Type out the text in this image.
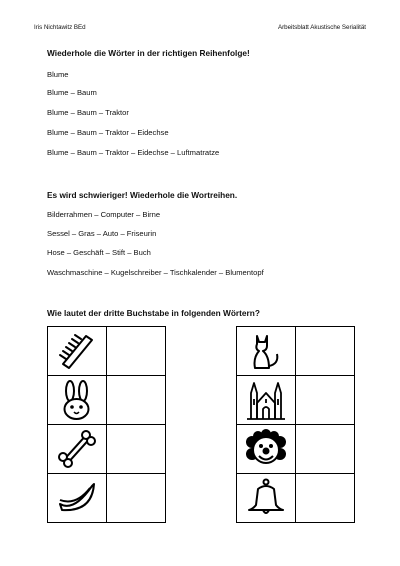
Iris Nichtawitz BEd	Arbeitsblatt Akustische Serialität
Wiederhole die Wörter in der richtigen Reihenfolge!
Blume
Blume – Baum
Blume – Baum – Traktor
Blume – Baum – Traktor – Eidechse
Blume – Baum – Traktor – Eidechse – Luftmatratze
Es wird schwieriger! Wiederhole die Wortreihen.
Bilderrahmen – Computer – Birne
Sessel – Gras – Auto – Friseurin
Hose – Geschäft – Stift – Buch
Waschmaschine – Kugelschreiber – Tischkalender – Blumentopf
Wie lautet der dritte Buchstabe in folgenden Wörtern?
